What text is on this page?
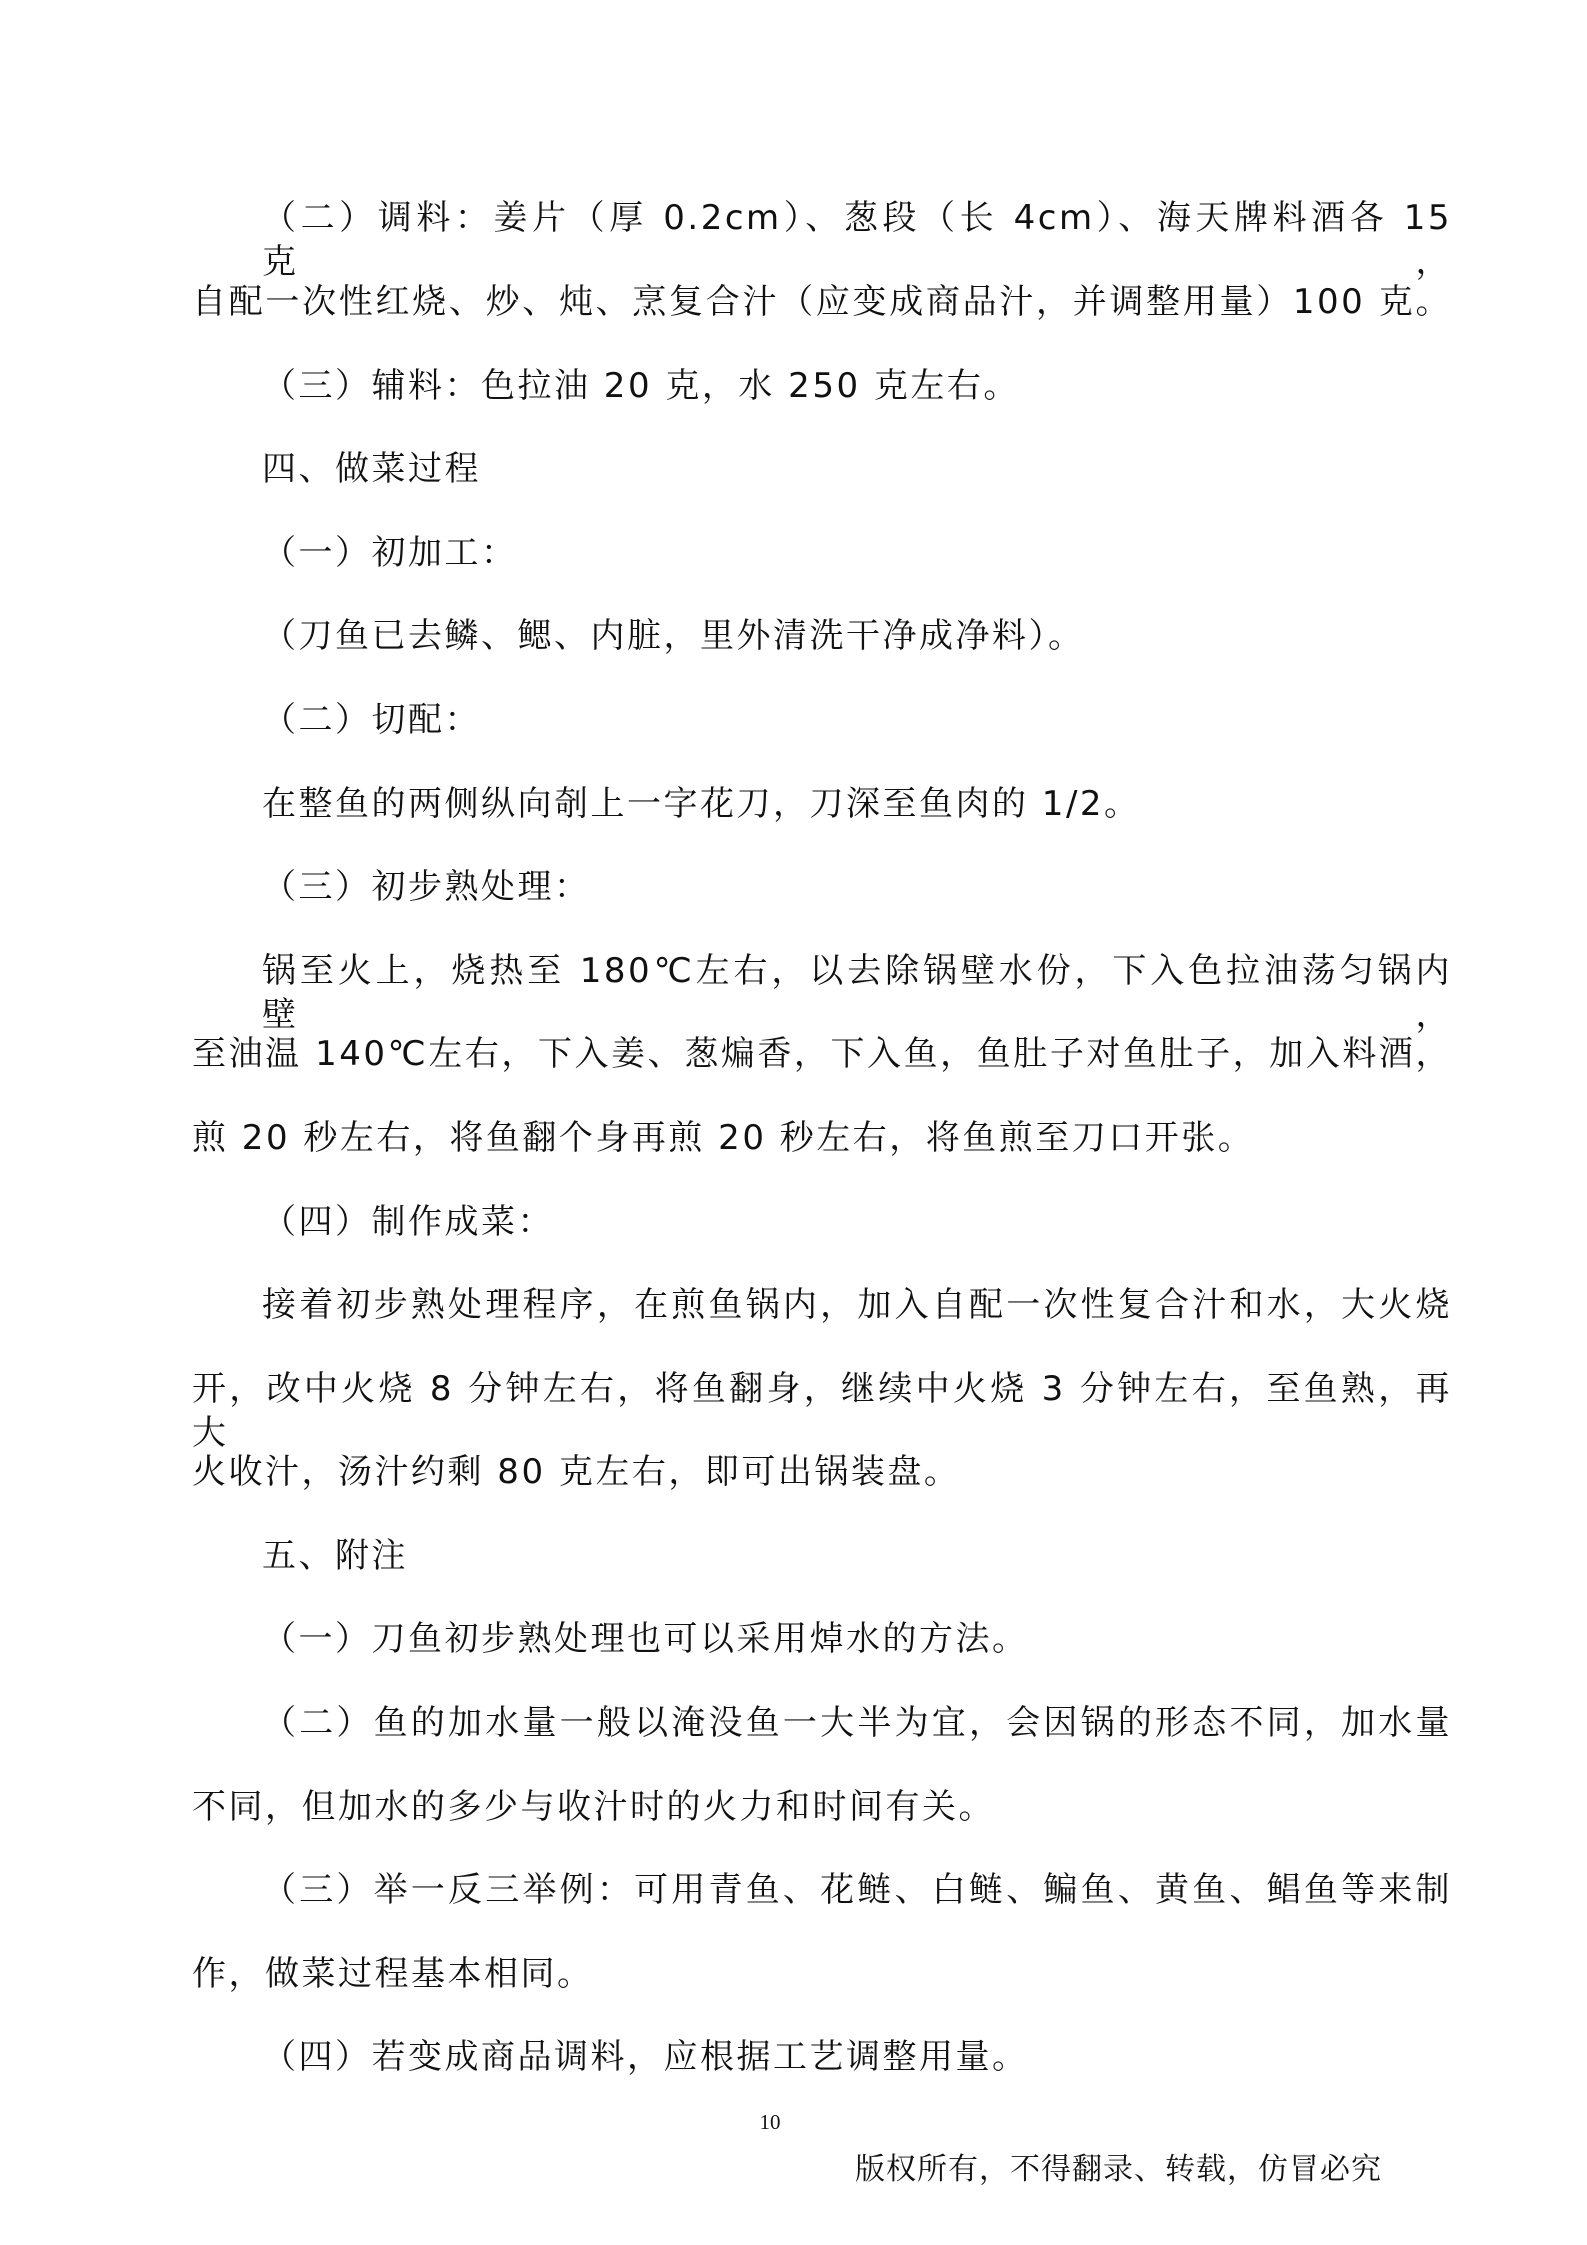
（二）调料：姜片（厚 0.2cm）、葱段（长 4cm）、海天牌料酒各 15 克，
自配一次性红烧、炒、炖、烹复合汁（应变成商品汁，并调整用量）100 克。
（三）辅料：色拉油 20 克，水 250 克左右。
四、做菜过程
（一）初加工：
（刀鱼已去鳞、鳃、内脏，里外清洗干净成净料）。
（二）切配：
在整鱼的两侧纵向剞上一字花刀，刀深至鱼肉的 1/2。
（三）初步熟处理：
锅至火上，烧热至 180℃左右，以去除锅壁水份，下入色拉油荡匀锅内壁，
至油温 140℃左右，下入姜、葱煸香，下入鱼，鱼肚子对鱼肚子，加入料酒，
煎 20 秒左右，将鱼翻个身再煎 20 秒左右，将鱼煎至刀口开张。
（四）制作成菜：
接着初步熟处理程序，在煎鱼锅内，加入自配一次性复合汁和水，大火烧
开，改中火烧 8 分钟左右，将鱼翻身，继续中火烧 3 分钟左右，至鱼熟，再大
火收汁，汤汁约剩 80 克左右，即可出锅装盘。
五、附注
（一）刀鱼初步熟处理也可以采用焯水的方法。
（二）鱼的加水量一般以淹没鱼一大半为宜，会因锅的形态不同，加水量
不同，但加水的多少与收汁时的火力和时间有关。
（三）举一反三举例：可用青鱼、花鲢、白鲢、鳊鱼、黄鱼、鲳鱼等来制
作，做菜过程基本相同。
（四）若变成商品调料，应根据工艺调整用量。
10
版权所有，不得翻录、转载，仿冒必究
